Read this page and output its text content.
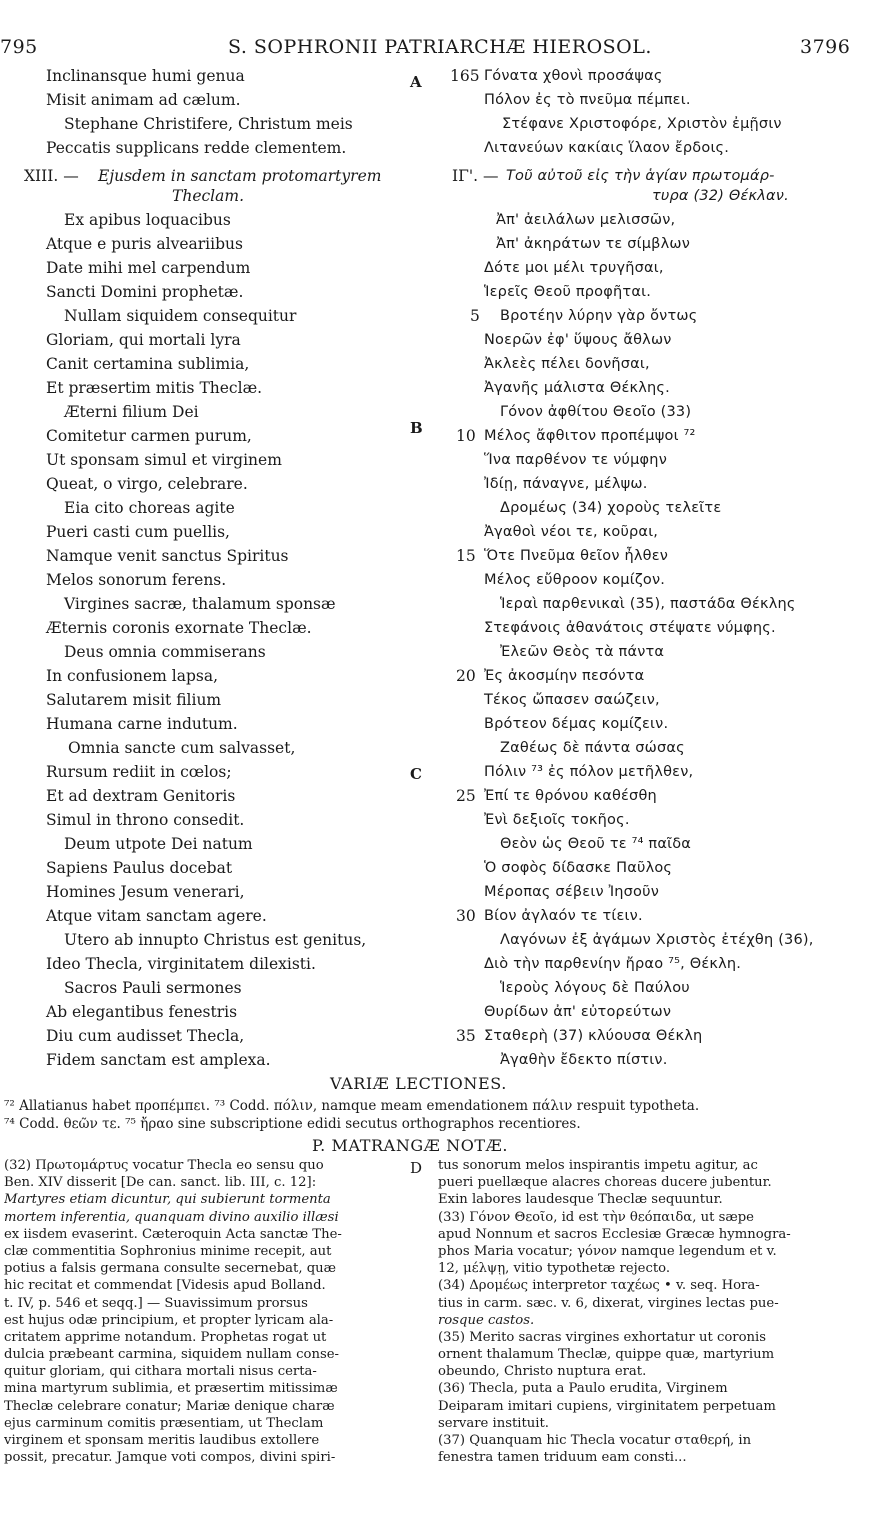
795	S. SOPHRONII PATRIARCHÆ HIEROSOL.	3796
A
B
C
D
Inclinansque humi genua
Misit animam ad cælum.
Stephane Christifere, Christum meis
Peccatis supplicans redde clementem.
165 Γόνατα χθονὶ προσάψας
Πόλον ἐς τὸ πνεῦμα πέμπει.
Στέφανε Χριστοφόρε, Χριστὸν ἐμῇσιν
Λιτανεύων κακίαις ἵλαον ἔρδοις.
XIII. — Ejusdem in sanctam protomartyrem
Theclam.
ΙΓ'. — Τοῦ αὐτοῦ εἰς τὴν ἁγίαν πρωτομάρ-
τυρα (32) Θέκλαν.
Ex apibus loquacibus
Atque e puris alveariibus
Date mihi mel carpendum
Sancti Domini prophetæ.
Nullam siquidem consequitur
Gloriam, qui mortali lyra
Canit certamina sublimia,
Et præsertim mitis Theclæ.
Æterni filium Dei
Comitetur carmen purum,
Ut sponsam simul et virginem
Queat, o virgo, celebrare.
Eia cito choreas agite
Pueri casti cum puellis,
Namque venit sanctus Spiritus
Melos sonorum ferens.
Virgines sacræ, thalamum sponsæ
Æternis coronis exornate Theclæ.
Deus omnia commiserans
In confusionem lapsa,
Salutarem misit filium
Humana carne indutum.
Omnia sancte cum salvasset,
Rursum rediit in cœlos;
Et ad dextram Genitoris
Simul in throno consedit.
Deum utpote Dei natum
Sapiens Paulus docebat
Homines Jesum venerari,
Atque vitam sanctam agere.
Utero ab innupto Christus est genitus,
Ideo Thecla, virginitatem dilexisti.
Sacros Pauli sermones
Ab elegantibus fenestris
Diu cum audisset Thecla,
Fidem sanctam est amplexa.
5
10
15
20
25
30
35
Ἀπ' ἀειλάλων μελισσῶν,
Ἀπ' ἀκηράτων τε σίμβλων
Δότε μοι μέλι τρυγῆσαι,
Ἱερεῖς Θεοῦ προφῆται.
Βροτέην λύρην γὰρ ὄντως
Νοερῶν ἐφ' ὕψους ἄθλων
Ἀκλεὲς πέλει δονῆσαι,
Ἀγανῆς μάλιστα Θέκλης.
Γόνον ἀφθίτου Θεοῖο (33)
Μέλος ἄφθιτον προπέμψοι ⁷²
Ἵνα παρθένον τε νύμφην
Ἰδίῃ, πάναγνε, μέλψω.
Δρομέως (34) χοροὺς τελεῖτε
Ἀγαθοὶ νέοι τε, κοῦραι,
Ὅτε Πνεῦμα θεῖον ἦλθεν
Μέλος εὔθροον κομίζον.
Ἱεραὶ παρθενικαὶ (35), παστάδα Θέκλης
Στεφάνοις ἀθανάτοις στέψατε νύμφης.
Ἐλεῶν Θεὸς τὰ πάντα
Ἐς ἀκοσμίην πεσόντα
Τέκος ὤπασεν σαώζειν,
Βρότεον δέμας κομίζειν.
Ζαθέως δὲ πάντα σώσας
Πόλιν ⁷³ ἐς πόλον μετῆλθεν,
Ἐπί τε θρόνου καθέσθη
Ἐνὶ δεξιοῖς τοκῆος.
Θεὸν ὡς Θεοῦ τε ⁷⁴ παῖδα
Ὁ σοφὸς δίδασκε Παῦλος
Μέροπας σέβειν Ἰησοῦν
Βίον ἀγλαόν τε τίειν.
Λαγόνων ἐξ ἀγάμων Χριστὸς ἐτέχθη (36),
Διὸ τὴν παρθενίην ἤραο ⁷⁵, Θέκλη.
Ἱεροὺς λόγους δὲ Παύλου
Θυρίδων ἀπ' εὐτορεύτων
Σταθερὴ (37) κλύουσα Θέκλη
Ἀγαθὴν ἔδεκτο πίστιν.
VARIÆ LECTIONES.
⁷² Allatianus habet προπέμπει. ⁷³ Codd. πόλιν, namque meam emendationem πάλιν respuit typotheta.
⁷⁴ Codd. θεῶν τε. ⁷⁵ ἤραο sine subscriptione edidi secutus orthographos recentiores.
P. MATRANGÆ NOTÆ.
(32) Πρωτομάρτυς vocatur Thecla eo sensu quo
Ben. XIV disserit [De can. sanct. lib. III, c. 12]:
Martyres etiam dicuntur, qui subierunt tormenta
mortem inferentia, quanquam divino auxilio illæsi
ex iisdem evaserint. Cæteroquin Acta sanctæ The-
clæ commentitia Sophronius minime recepit, aut
potius a falsis germana consulte secernebat, quæ
hic recitat et commendat [Videsis apud Bolland.
t. IV, p. 546 et seqq.] — Suavissimum prorsus
est hujus odæ principium, et propter lyricam ala-
critatem apprime notandum. Prophetas rogat ut
dulcia præbeant carmina, siquidem nullam conse-
quitur gloriam, qui cithara mortali nisus certa-
mina martyrum sublimia, et præsertim mitissimæ
Theclæ celebrare conatur; Mariæ denique charæ
ejus carminum comitis præsentiam, ut Theclam
virginem et sponsam meritis laudibus extollere
possit, precatur. Jamque voti compos, divini spiri-
tus sonorum melos inspirantis impetu agitur, ac
pueri puellæque alacres choreas ducere jubentur.
Exin labores laudesque Theclæ sequuntur.
(33) Γόνον Θεοῖο, id est τὴν θεόπαιδα, ut sæpe
apud Nonnum et sacros Ecclesiæ Græcæ hymnogra-
phos Maria vocatur; γόνον namque legendum et v.
12, μέλψῃ, vitio typothetæ rejecto.
(34) Δρομέως interpretor ταχέως • v. seq. Hora-
tius in carm. sæc. v. 6, dixerat, virgines lectas pue-
rosque castos.
(35) Merito sacras virgines exhortatur ut coronis
ornent thalamum Theclæ, quippe quæ, martyrium
obeundo, Christo nuptura erat.
(36) Thecla, puta a Paulo erudita, Virginem
Deiparam imitari cupiens, virginitatem perpetuam
servare instituit.
(37) Quanquam hic Thecla vocatur σταθερή, in
fenestra tamen triduum eam consti...
